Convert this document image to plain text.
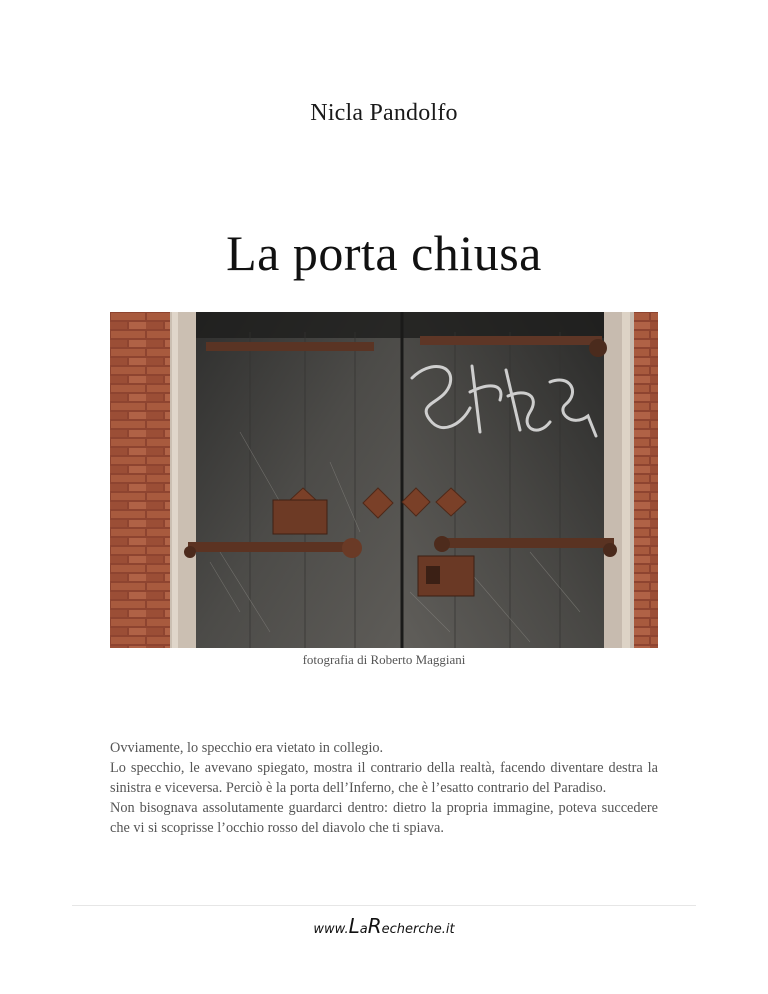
Nicla Pandolfo
La porta chiusa
fotografia di Roberto Maggiani

Ovviamente, lo specchio era vietato in collegio.

Lo specchio, le avevano spiegato, mostra il contrario della realtà, facendo diventare destra la sinistra e viceversa. Perciò è la porta dell’Inferno, che è l’esatto contrario del Paradiso.

Non bisognava assolutamente guardarci dentro: dietro la propria immagine, poteva succedere che vi si scoprisse l’occhio rosso del diavolo che ti spiava.

www.LaRecherche.it
